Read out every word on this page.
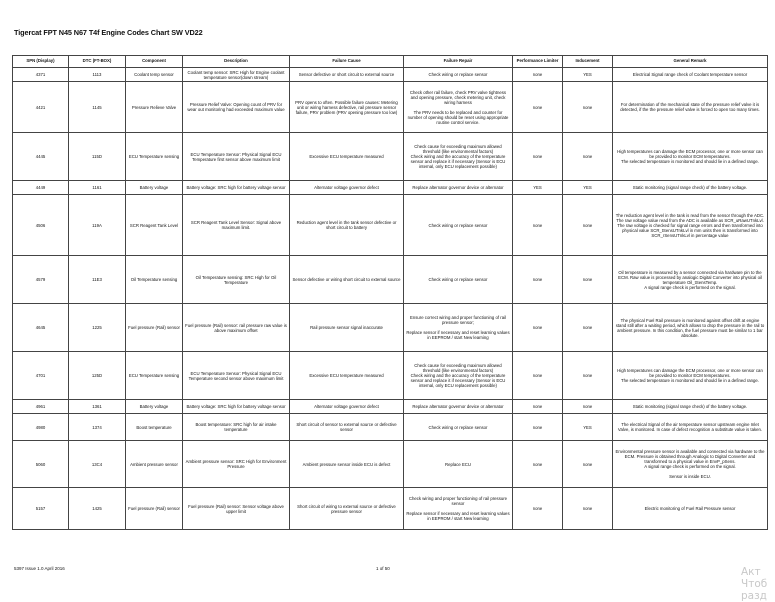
Tigercat FPT N45 N67 T4f Engine Codes Chart SW VD22
SPN (Display)	DTC (FT-BOX)	Component	Description	Failure Cause	Failure Repair	Performance Limiter	Inducement	General Remark
4371	1113	Coolant temp sensor	Coolant temp sensor: SRC High for Engine coolant temperature sensor(down stream)	Sensor defective or short circuit to external source	Check wiring or replace sensor	none	YES	Electrical Signal range check of Coolant temperature sensor
4421	1145	Pressure Relieve Valve	Pressure Relief Valve: Opening count of PRV for wear out monitoring had exceeded maximum value	PRV opens to often. Possible failure causes: Metering unit or wiring harness defective, rail pressure sensor failure, PRV problem (PRV opening pressure too low)	Check other rail failure, check PRV valve tightness and opening pressure, check metering unit, check wiring harness

The PRV needs to be replaced and counter for number of opening should be reset using appropriate routine control service.	none	none	For determination of the mechanical state of the pressure relief valve it is detected, if the the pressure relief valve is forced to open too many times.
4445	115D	ECU Temperature sensing	ECU Temperature Sensor: Physical Signal ECU Temperature first sensor above maximum limit	Excessive ECU temperature measured	Check cause for exceeding maximum allowed threshold (like environmental factors)
Check wiring and the accuracy of the temperature sensor and replace it if necessary (Sensor is ECU internal, only ECU replacement possible)	none	none	High temperatures can damage the ECM processor, one or more sensor can be provided to monitor ECM temperatures.
The selected temperature is monitored and should lie in a defined range.
4449	1161	Battery voltage	Battery voltage: SRC high for battery voltage sensor	Alternator voltage governor defect	Replace alternator governor device or alternator	YES	YES	Static monitoring (signal range check) of the battery voltage.
4506	119A	SCR Reagent Tank Level	SCR Reagent Tank Level Sensor: Signal above maximum limit.	Reduction agent level in the tank sensor defective or short circuit to battery	Check wiring or replace sensor	none	none	The reduction agent level in the tank is read from the sensor through the ADC. The raw voltage value read from the ADC is available as SCR_uRawUTnkLvl.
The raw voltage is checked for signal range errors and then transformed into physical value SCR_tSensUTnkLvl in mm units then is transformed into SCR_rSensUTnkLvl in percentage value
4579	11E3	Oil Temperature sensing	Oil Temperature sensing: SRC High for Oil Temperature	Sensor defective or wiring short circuit to external source	Check wiring or replace sensor	none	none	Oil temperature is measured by a sensor connected via hardware pin to the ECM. Raw value is processed by analogic Digital Converter into physical oil temperature Oil_tSensTemp.
A signal range check is performed on the signal.
4645	1225	Fuel pressure (Rail) sensor	Fuel pressure (Rail) sensor: rail pressure raw value is above maximum offset	Rail pressure sensor signal inaccurate	Ensure correct wiring and proper functioning of rail pressure sensor;

Replace sensor if necessary and reset learning values in EEPROM / start New learning	none	none	The physical Fuel Rail pressure is monitored against offset drift at engine stand still after a waiting period, which allows to drop the pressure in the rail to ambient pressure. In this condition, the fuel pressure must be similar to 1 bar absolute.
4701	125D	ECU Temperature sensing	ECU Temperature Sensor: Physical Signal ECU Temperature second sensor above maximum limit	Excessive ECU temperature measured	Check cause for exceeding maximum allowed threshold (like environmental factors)
Check wiring and the accuracy of the temperature sensor and replace it if necessary (Sensor is ECU internal, only ECU replacement possible)	none	none	High temperatures can damage the ECM processor, one or more sensor can be provided to monitor ECM temperatures.
The selected temperature is monitored and should lie in a defined range.
4961	1361	Battery voltage	Battery voltage: SRC high for battery voltage sensor	Alternator voltage governor defect	Replace alternator governor device or alternator	none	none	Static monitoring (signal range check) of the battery voltage.
4980	1374	Boost temperature	Boost temperature: SRC high for air intake temperature	Short circuit of sensor to external source or defective sensor	Check wiring or replace sensor	none	YES	The electrical Signal of the air temperature sensor upstream engine Inlet Valve, is monitored. In case of defect recognition a substitute value is taken.
5060	13C4	Ambient pressure sensor	Ambient pressure sensor: SRC High for Environment Pressure	Ambient pressure sensor inside ECU is defect	Replace ECU	none	none	Environmental pressure sensor is available and connected via hardware to the ECM. Pressure is obtained through Analogic to Digital Converter and transformed to a physical value in EnvP_pSens.
A signal range check is performed on the signal.

Sensor is inside ECU.
5157	1425	Fuel pressure (Rail) sensor	Fuel pressure (Rail) sensor: Sensor voltage above upper limit	Short circuit of wiring to external source or defective pressure sensor	Check wiring and proper functioning of rail pressure sensor

Replace sensor if necessary and reset learning values in EEPROM / start New learning	none	none	Electric monitoring of Fuel Rail Pressure sensor
5397 Issue 1.0 April 2016	1 of 50	Акт
Чтоб
разд
